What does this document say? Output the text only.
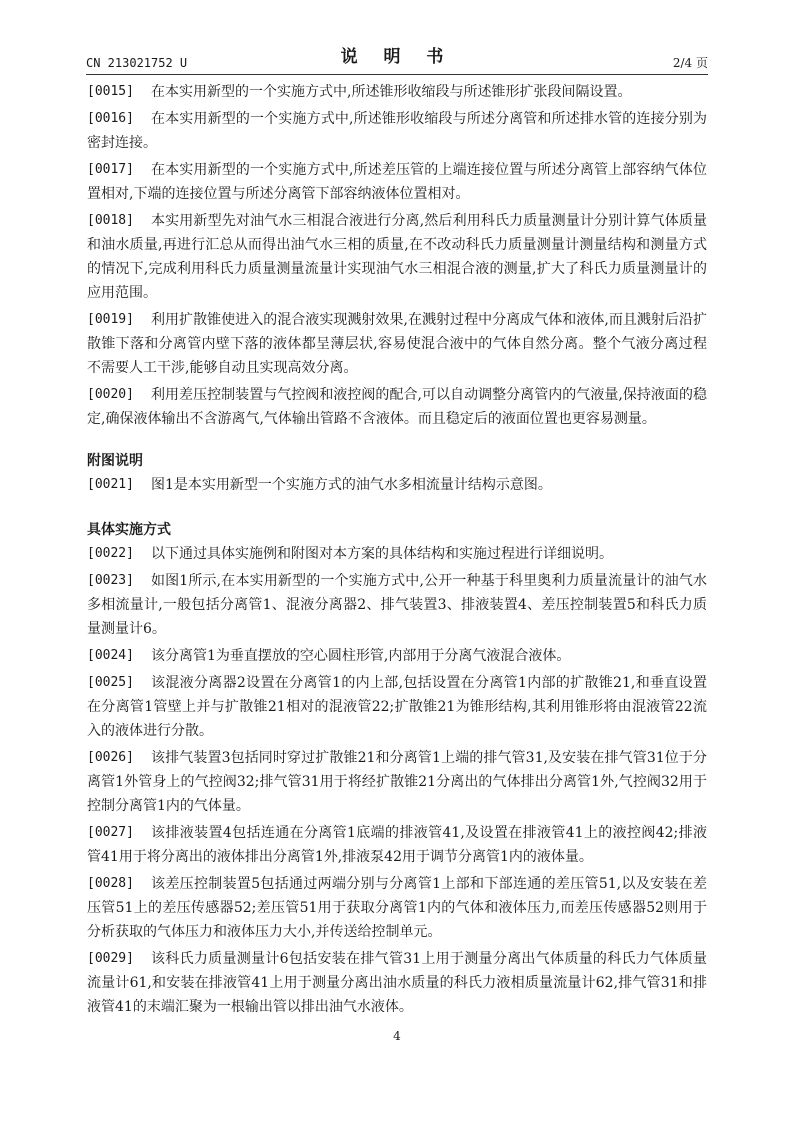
CN 213021752 U	说 明 书	2/4 页
[0015]	在本实用新型的一个实施方式中,所述锥形收缩段与所述锥形扩张段间隔设置。
[0016]	在本实用新型的一个实施方式中,所述锥形收缩段与所述分离管和所述排水管的连接分别为密封连接。
[0017]	在本实用新型的一个实施方式中,所述差压管的上端连接位置与所述分离管上部容纳气体位置相对,下端的连接位置与所述分离管下部容纳液体位置相对。
[0018]	本实用新型先对油气水三相混合液进行分离,然后利用科氏力质量测量计分别计算气体质量和油水质量,再进行汇总从而得出油气水三相的质量,在不改动科氏力质量测量计测量结构和测量方式的情况下,完成利用科氏力质量测量流量计实现油气水三相混合液的测量,扩大了科氏力质量测量计的应用范围。
[0019]	利用扩散锥使进入的混合液实现溅射效果,在溅射过程中分离成气体和液体,而且溅射后沿扩散锥下落和分离管内壁下落的液体都呈薄层状,容易使混合液中的气体自然分离。整个气液分离过程不需要人工干涉,能够自动且实现高效分离。
[0020]	利用差压控制装置与气控阀和液控阀的配合,可以自动调整分离管内的气液量,保持液面的稳定,确保液体输出不含游离气,气体输出管路不含液体。而且稳定后的液面位置也更容易测量。
附图说明
[0021]	图1是本实用新型一个实施方式的油气水多相流量计结构示意图。
具体实施方式
[0022]	以下通过具体实施例和附图对本方案的具体结构和实施过程进行详细说明。
[0023]	如图1所示,在本实用新型的一个实施方式中,公开一种基于科里奥利力质量流量计的油气水多相流量计,一般包括分离管1、混液分离器2、排气装置3、排液装置4、差压控制装置5和科氏力质量测量计6。
[0024]	该分离管1为垂直摆放的空心圆柱形管,内部用于分离气液混合液体。
[0025]	该混液分离器2设置在分离管1的内上部,包括设置在分离管1内部的扩散锥21,和垂直设置在分离管1管壁上并与扩散锥21相对的混液管22;扩散锥21为锥形结构,其利用锥形将由混液管22流入的液体进行分散。
[0026]	该排气装置3包括同时穿过扩散锥21和分离管1上端的排气管31,及安装在排气管31位于分离管1外管身上的气控阀32;排气管31用于将经扩散锥21分离出的气体排出分离管1外,气控阀32用于控制分离管1内的气体量。
[0027]	该排液装置4包括连通在分离管1底端的排液管41,及设置在排液管41上的液控阀42;排液管41用于将分离出的液体排出分离管1外,排液泵42用于调节分离管1内的液体量。
[0028]	该差压控制装置5包括通过两端分别与分离管1上部和下部连通的差压管51,以及安装在差压管51上的差压传感器52;差压管51用于获取分离管1内的气体和液体压力,而差压传感器52则用于分析获取的气体压力和液体压力大小,并传送给控制单元。
[0029]	该科氏力质量测量计6包括安装在排气管31上用于测量分离出气体质量的科氏力气体质量流量计61,和安装在排液管41上用于测量分离出油水质量的科氏力液相质量流量计62,排气管31和排液管41的末端汇聚为一根输出管以排出油气水液体。
4
